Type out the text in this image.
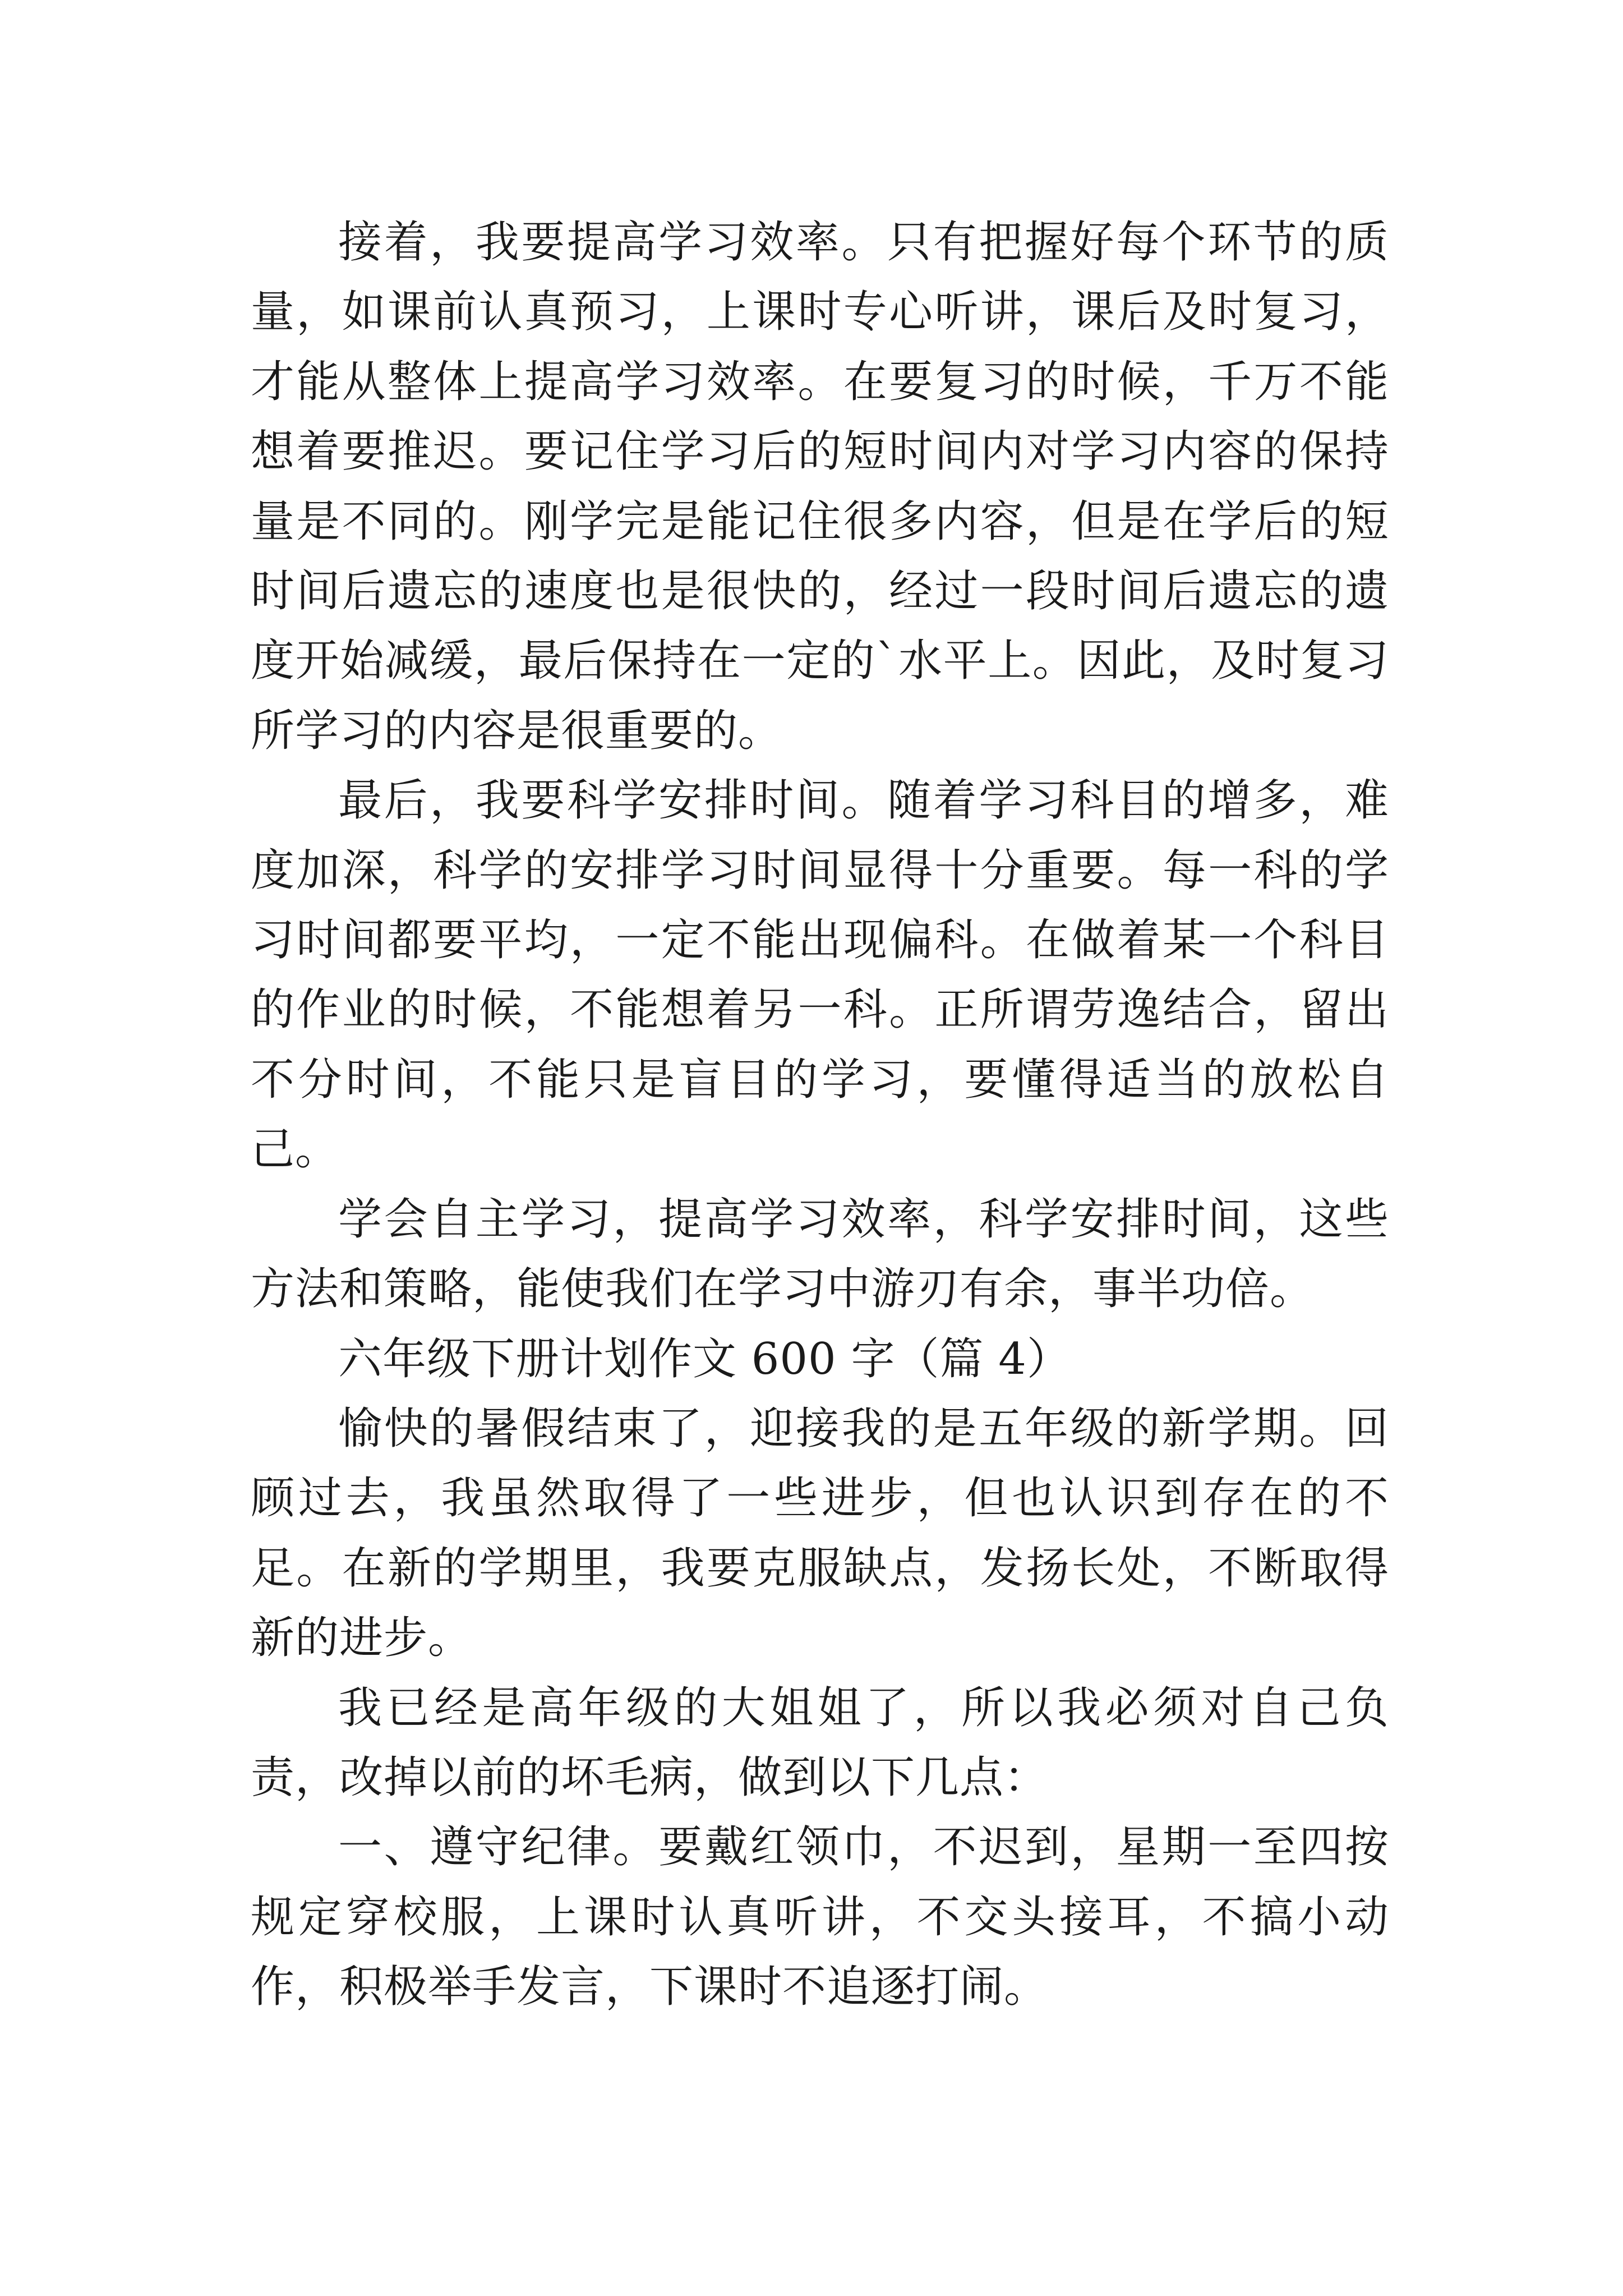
接着，我要提高学习效率。只有把握好每个环节的质量，如课前认真预习，上课时专心听讲，课后及时复习，才能从整体上提高学习效率。在要复习的时候，千万不能想着要推迟。要记住学习后的短时间内对学习内容的保持量是不同的。刚学完是能记住很多内容，但是在学后的短时间后遗忘的速度也是很快的，经过一段时间后遗忘的遗度开始减缓，最后保持在一定的`水平上。因此，及时复习所学习的内容是很重要的。

最后，我要科学安排时间。随着学习科目的增多，难度加深，科学的安排学习时间显得十分重要。每一科的学习时间都要平均，一定不能出现偏科。在做着某一个科目的作业的时候，不能想着另一科。正所谓劳逸结合，留出不分时间，不能只是盲目的学习，要懂得适当的放松自己。

学会自主学习，提高学习效率，科学安排时间，这些方法和策略，能使我们在学习中游刃有余，事半功倍。

六年级下册计划作文 600 字（篇 4）

愉快的暑假结束了，迎接我的是五年级的新学期。回顾过去，我虽然取得了一些进步，但也认识到存在的不足。在新的学期里，我要克服缺点，发扬长处，不断取得新的进步。

我已经是高年级的大姐姐了，所以我必须对自己负责，改掉以前的坏毛病，做到以下几点：

一、遵守纪律。要戴红领巾，不迟到，星期一至四按规定穿校服，上课时认真听讲，不交头接耳，不搞小动作，积极举手发言，下课时不追逐打闹。
